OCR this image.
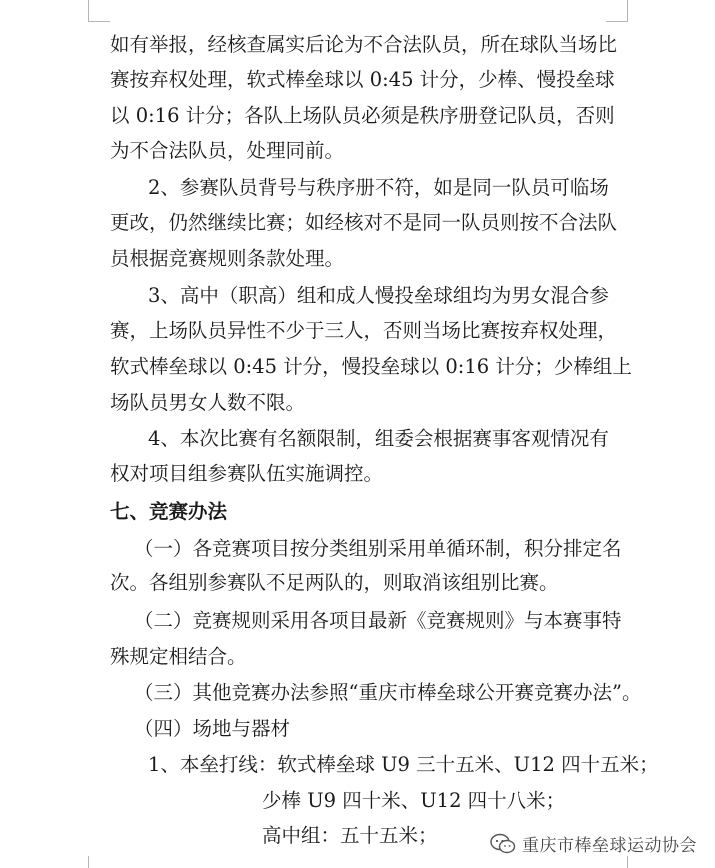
如有举报，经核查属实后论为不合法队员，所在球队当场比
赛按弃权处理，软式棒垒球以 0:45 计分，少棒、慢投垒球
以 0:16 计分；各队上场队员必须是秩序册登记队员，否则
为不合法队员，处理同前。
2、参赛队员背号与秩序册不符，如是同一队员可临场
更改，仍然继续比赛；如经核对不是同一队员则按不合法队
员根据竞赛规则条款处理。
3、高中（职高）组和成人慢投垒球组均为男女混合参
赛，上场队员异性不少于三人，否则当场比赛按弃权处理，
软式棒垒球以 0:45 计分，慢投垒球以 0:16 计分；少棒组上
场队员男女人数不限。
4、本次比赛有名额限制，组委会根据赛事客观情况有
权对项目组参赛队伍实施调控。
七、竞赛办法
（一）各竞赛项目按分类组别采用单循环制，积分排定名
次。各组别参赛队不足两队的，则取消该组别比赛。
（二）竞赛规则采用各项目最新《竞赛规则》与本赛事特
殊规定相结合。
（三）其他竞赛办法参照“重庆市棒垒球公开赛竞赛办法”。
（四）场地与器材
1、本垒打线：软式棒垒球 U9 三十五米、U12 四十五米；
少棒 U9 四十米、U12 四十八米；
高中组：五十五米；	重庆市棒垒球运动协会
